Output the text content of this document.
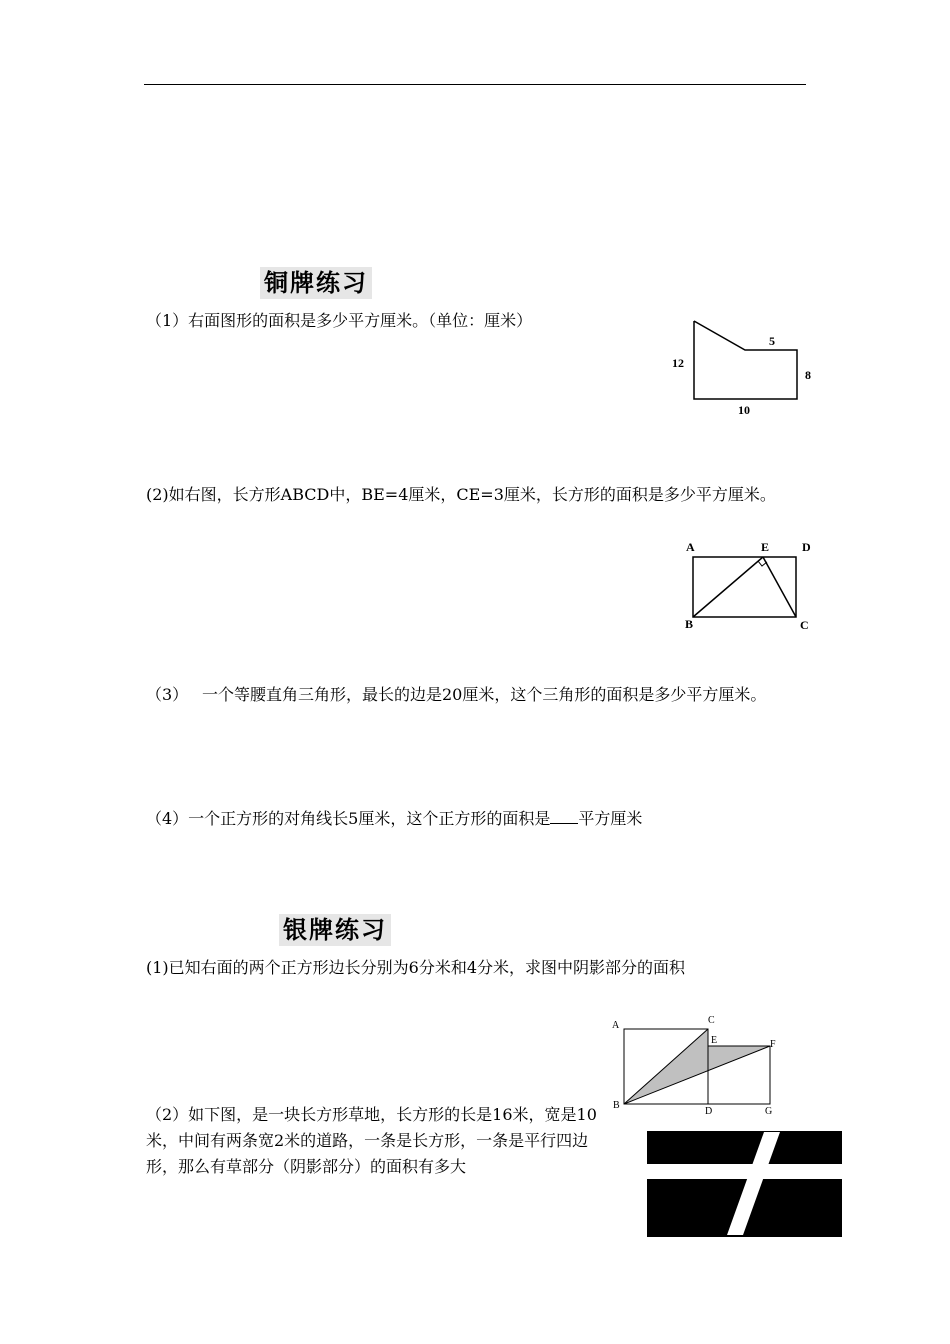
铜牌练习
（1）右面图形的面积是多少平方厘米。（单位：厘米）
12
5
8
10
(2)如右图，长方形ABCD中，BE=4厘米，CE=3厘米，长方形的面积是多少平方厘米。
A	E	D
B	C
（3） 一个等腰直角三角形，最长的边是20厘米，这个三角形的面积是多少平方厘米。
（4）一个正方形的对角线长5厘米，这个正方形的面积是 平方厘米
银牌练习
(1)已知右面的两个正方形边长分别为6分米和4分米，求图中阴影部分的面积
A	C
E	F
B
D	G
（2）如下图，是一块长方形草地，长方形的长是16米，宽是10米，中间有两条宽2米的道路，一条是长方形，一条是平行四边形，那么有草部分（阴影部分）的面积有多大
